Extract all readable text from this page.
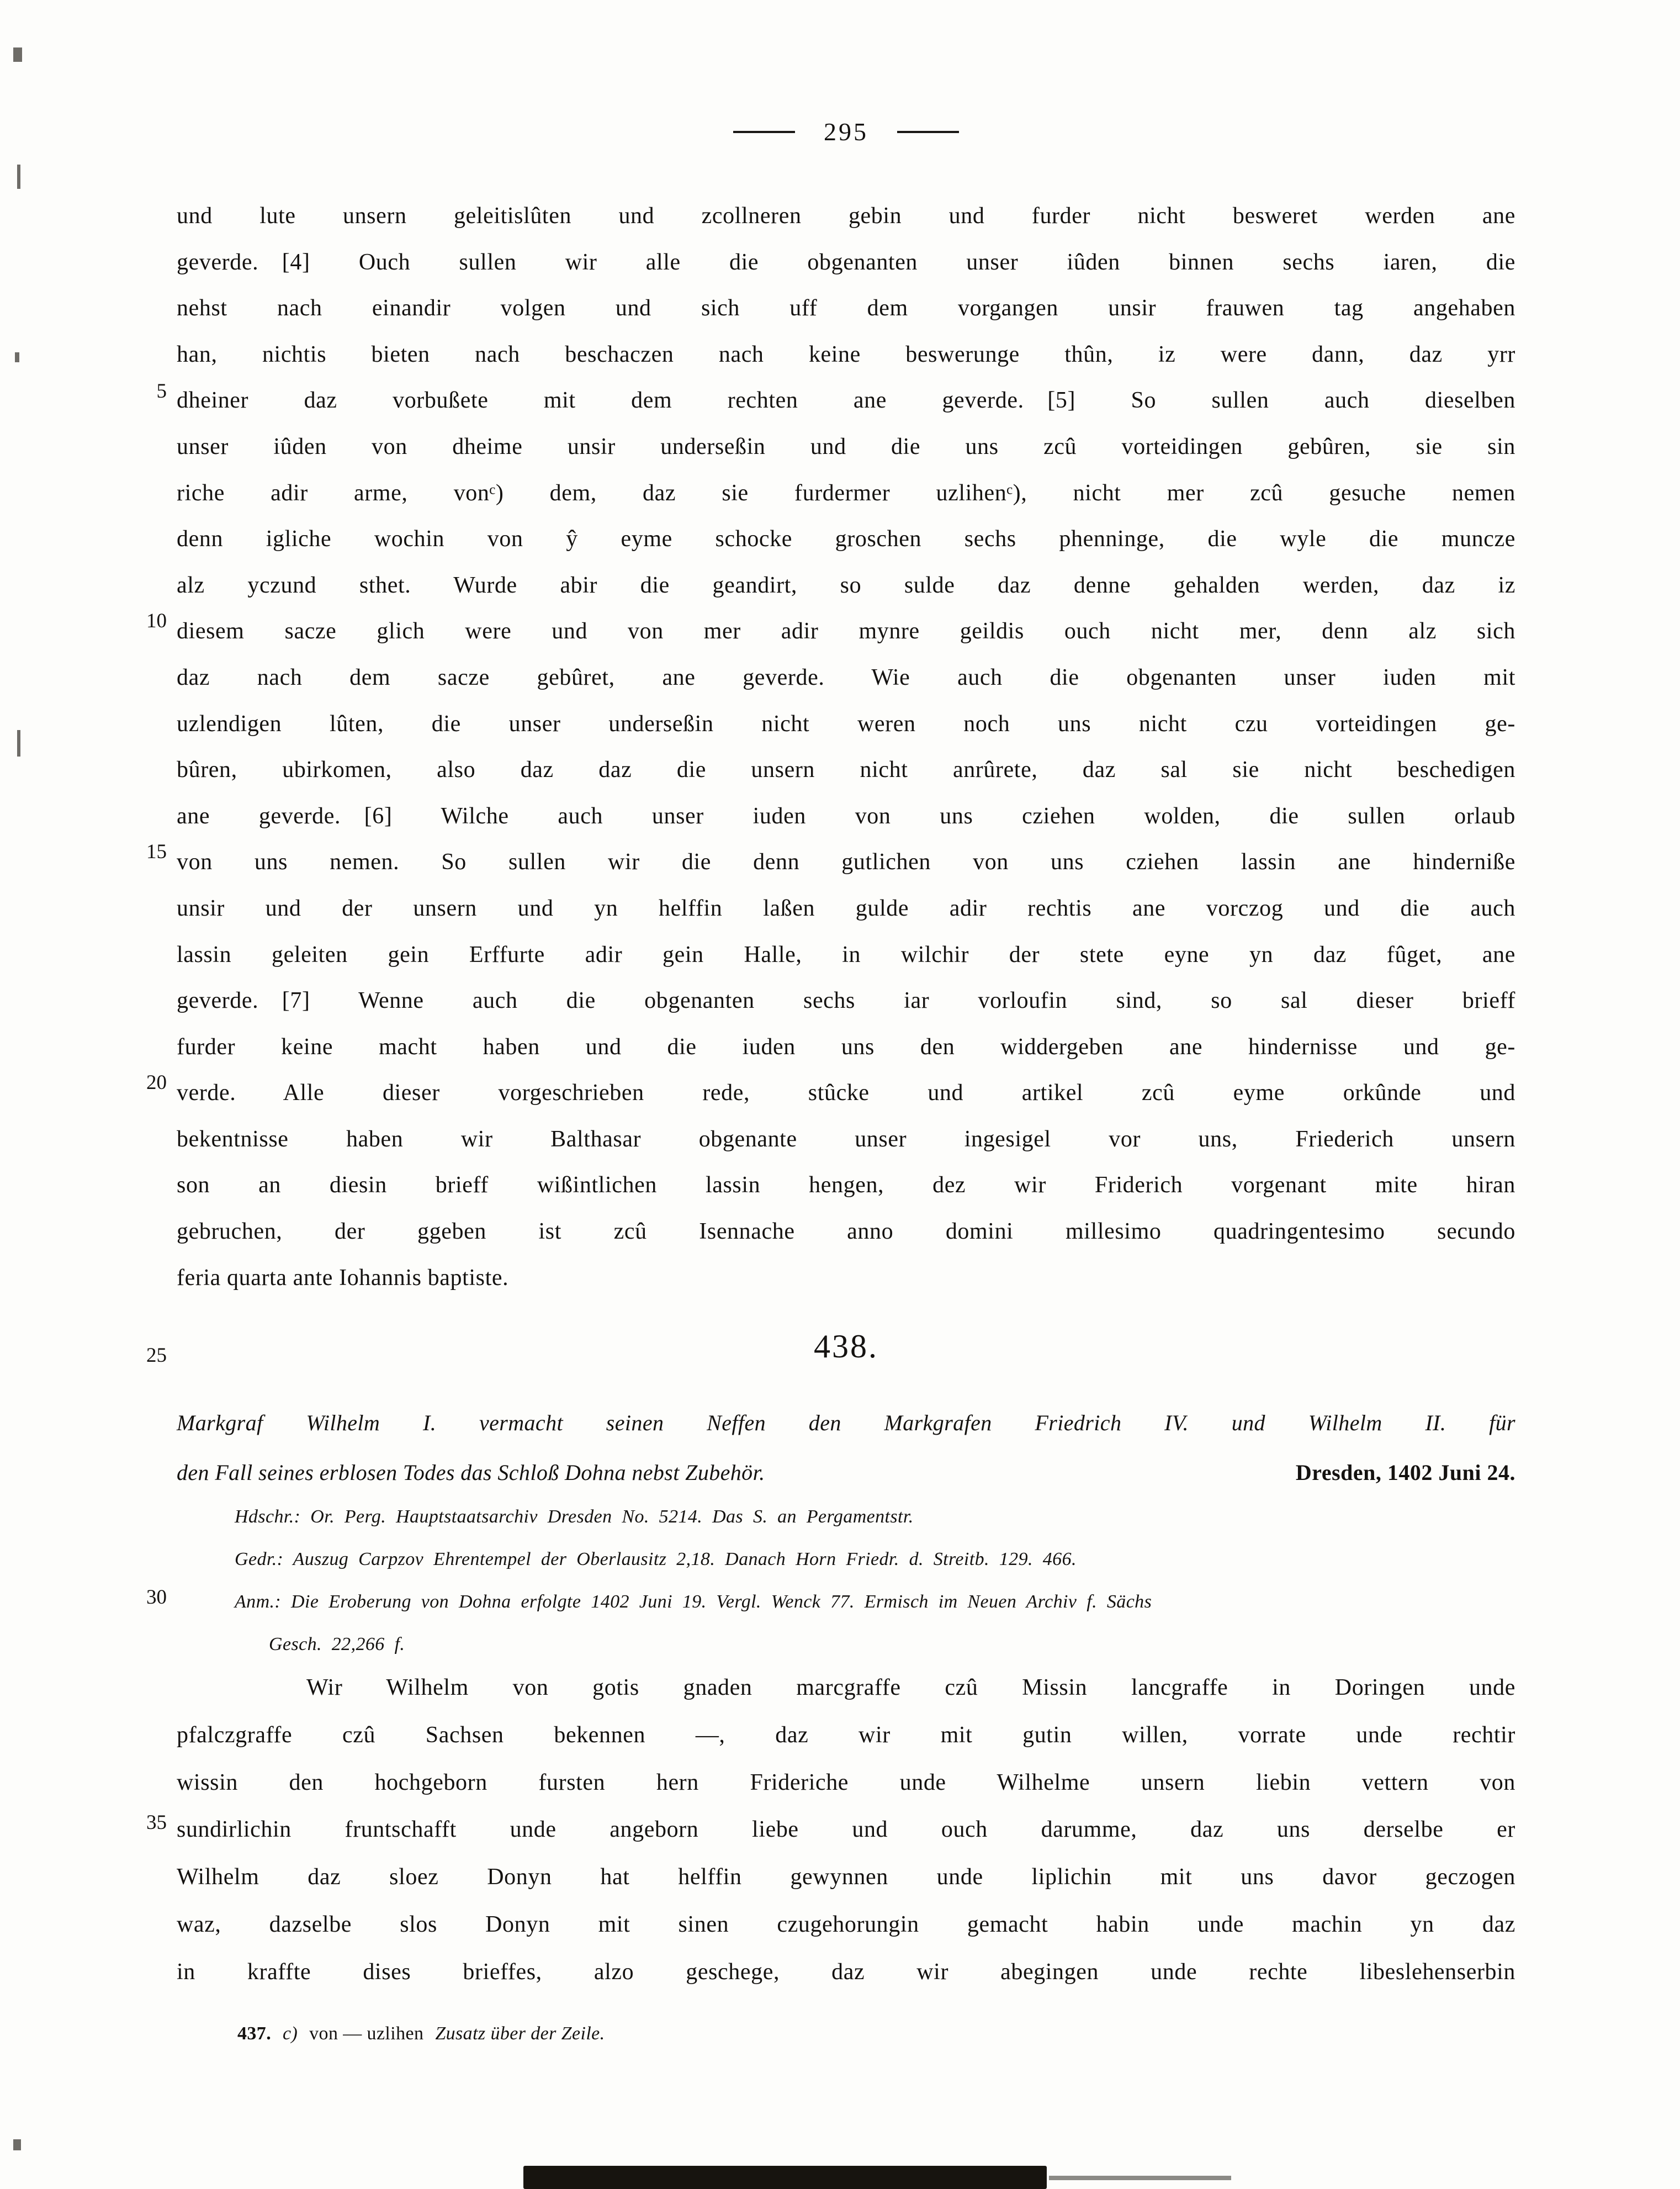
295
5
10
15
20
25
30
35
und lute unsern geleitislûten und zcollneren gebin und furder nicht besweret werden ane
geverde. [4] Ouch sullen wir alle die obgenanten unser iûden binnen sechs iaren, die
nehst nach einandir volgen und sich uff dem vorgangen unsir frauwen tag angehaben
han, nichtis bieten nach beschaczen nach keine beswerunge thûn, iz were dann, daz yrr
dheiner daz vorbußete mit dem rechten ane geverde. [5] So sullen auch dieselben
unser iûden von dheime unsir underseßin und die uns zcû vorteidingen gebûren, sie sin
riche adir arme, vonᶜ) dem, daz sie furdermer uzlihenᶜ), nicht mer zcû gesuche nemen
denn igliche wochin von ŷ eyme schocke groschen sechs phenninge, die wyle die muncze
alz yczund sthet. Wurde abir die geandirt, so sulde daz denne gehalden werden, daz iz
diesem sacze glich were und von mer adir mynre geildis ouch nicht mer, denn alz sich
daz nach dem sacze gebûret, ane geverde. Wie auch die obgenanten unser iuden mit
uzlendigen lûten, die unser underseßin nicht weren noch uns nicht czu vorteidingen ge-
bûren, ubirkomen, also daz daz die unsern nicht anrûrete, daz sal sie nicht beschedigen
ane geverde. [6] Wilche auch unser iuden von uns cziehen wolden, die sullen orlaub
von uns nemen. So sullen wir die denn gutlichen von uns cziehen lassin ane hinderniße
unsir und der unsern und yn helffin laßen gulde adir rechtis ane vorczog und die auch
lassin geleiten gein Erffurte adir gein Halle, in wilchir der stete eyne yn daz fûget, ane
geverde. [7] Wenne auch die obgenanten sechs iar vorloufin sind, so sal dieser brieff
furder keine macht haben und die iuden uns den widdergeben ane hindernisse und ge-
verde.  Alle dieser vorgeschrieben rede, stûcke und artikel zcû eyme orkûnde und
bekentnisse haben wir Balthasar obgenante unser ingesigel vor uns, Friederich unsern
son an diesin brieff wißintlichen lassin hengen, dez wir Friderich vorgenant mite hiran
gebruchen, der ggeben ist zcû Isennache anno domini millesimo quadringentesimo secundo
feria quarta ante Iohannis baptiste.
438.
Markgraf Wilhelm I. vermacht seinen Neffen den Markgrafen Friedrich IV. und Wilhelm II. für
den Fall seines erblosen Todes das Schloß Dohna nebst Zubehör.	Dresden, 1402 Juni 24.
Hdschr.: Or. Perg. Hauptstaatsarchiv Dresden No. 5214. Das S. an Pergamentstr.
Gedr.: Auszug Carpzov Ehrentempel der Oberlausitz 2,18. Danach Horn Friedr. d. Streitb. 129. 466.
Anm.: Die Eroberung von Dohna erfolgte 1402 Juni 19. Vergl. Wenck 77. Ermisch im Neuen Archiv f. Sächs
Gesch. 22,266 f.
Wir Wilhelm von gotis gnaden marcgraffe czû Missin lancgraffe in Doringen unde
pfalczgraffe czû Sachsen bekennen —, daz wir mit gutin willen, vorrate unde rechtir
wissin den hochgeborn fursten hern Frideriche unde Wilhelme unsern liebin vettern von
sundirlichin fruntschafft unde angeborn liebe und ouch darumme, daz uns derselbe er
Wilhelm daz sloez Donyn hat helffin gewynnen unde liplichin mit uns davor geczogen
waz, dazselbe slos Donyn mit sinen czugehorungin gemacht habin unde machin yn daz
in kraffte dises brieffes, alzo geschege, daz wir abegingen unde rechte libeslehenserbin
437. c) von — uzlihen Zusatz über der Zeile.
